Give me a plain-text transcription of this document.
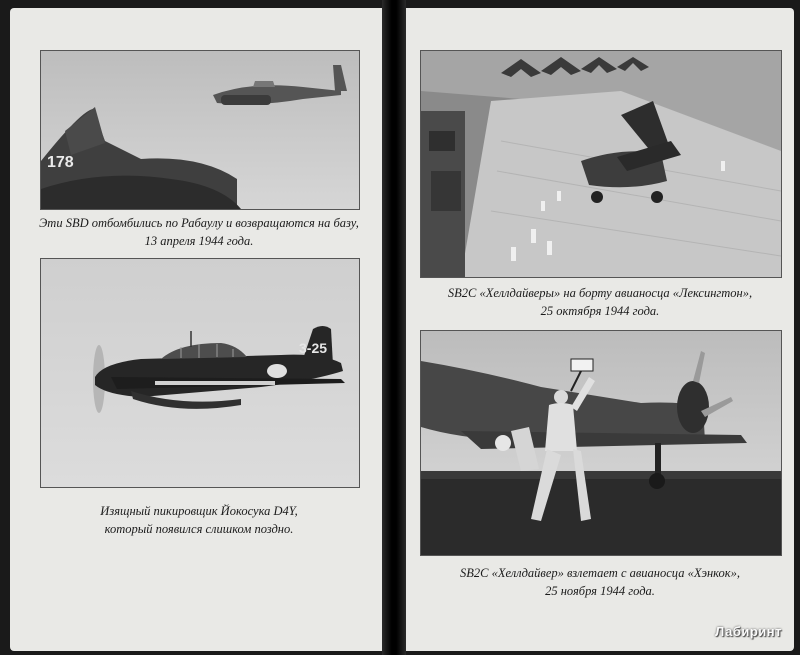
178
Эти SBD отбомбились по Рабаулу и возвращаются на базу,
13 апреля 1944 года.
3-25
Изящный пикировщик Йокосука D4Y,
который появился слишком поздно.
SB2C «Хеллдайверы» на борту авианосца «Лексингтон»,
25 октября 1944 года.
SB2C «Хеллдайвер» взлетает с авианосца «Хэнкок»,
25 ноября 1944 года.
Лабиринт
